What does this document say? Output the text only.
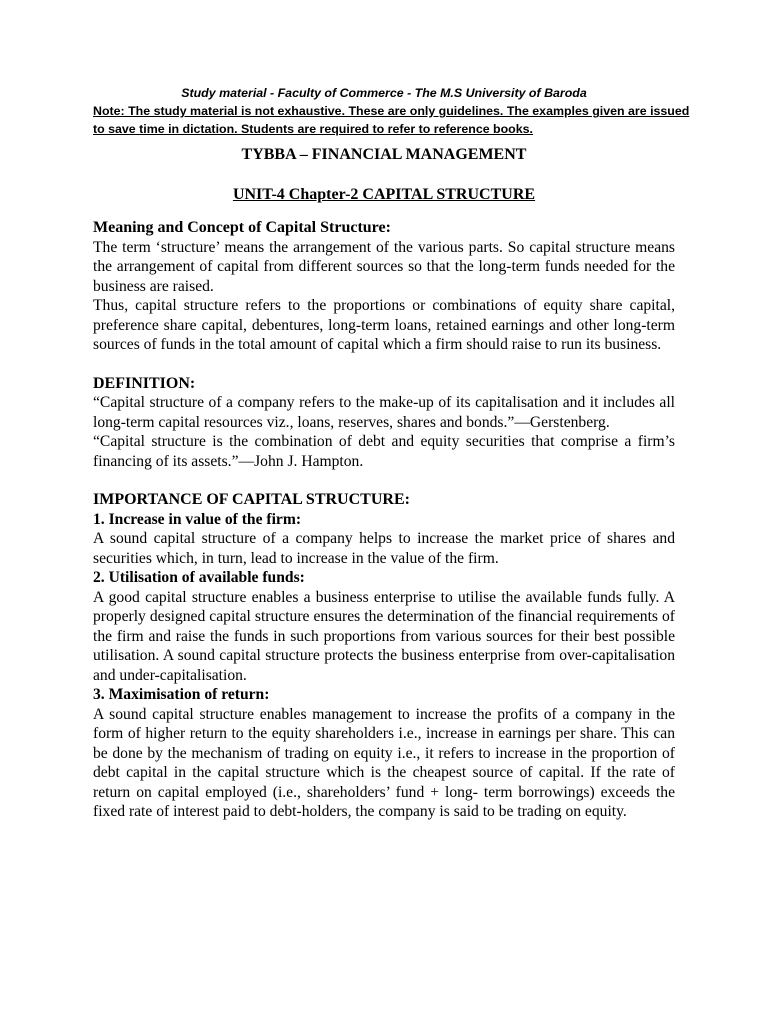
Study material - Faculty of Commerce - The M.S University of Baroda
Note: The study material is not exhaustive. These are only guidelines. The examples given are issued
to save time in dictation. Students are required to refer to reference books.
TYBBA – FINANCIAL MANAGEMENT
UNIT-4 Chapter-2 CAPITAL STRUCTURE
Meaning and Concept of Capital Structure:

The term ‘structure’ means the arrangement of the various parts. So capital structure means the arrangement of capital from different sources so that the long-term funds needed for the business are raised.

Thus, capital structure refers to the proportions or combinations of equity share capital, preference share capital, debentures, long-term loans, retained earnings and other long-term sources of funds in the total amount of capital which a firm should raise to run its business.

DEFINITION:

“Capital structure of a company refers to the make-up of its capitalisation and it includes all long-term capital resources viz., loans, reserves, shares and bonds.”—Gerstenberg.

“Capital structure is the combination of debt and equity securities that comprise a firm’s financing of its assets.”—John J. Hampton.

IMPORTANCE OF CAPITAL STRUCTURE:
1. Increase in value of the firm:

A sound capital structure of a company helps to increase the market price of shares and securities which, in turn, lead to increase in the value of the firm.

2. Utilisation of available funds:

A good capital structure enables a business enterprise to utilise the available funds fully. A properly designed capital structure ensures the determination of the financial requirements of the firm and raise the funds in such proportions from various sources for their best possible utilisation. A sound capital structure protects the business enterprise from over-capitalisation and under-capitalisation.

3. Maximisation of return:

A sound capital structure enables management to increase the profits of a company in the form of higher return to the equity shareholders i.e., increase in earnings per share. This can be done by the mechanism of trading on equity i.e., it refers to increase in the proportion of debt capital in the capital structure which is the cheapest source of capital. If the rate of return on capital employed (i.e., shareholders’ fund + long- term borrowings) exceeds the fixed rate of interest paid to debt-holders, the company is said to be trading on equity.
